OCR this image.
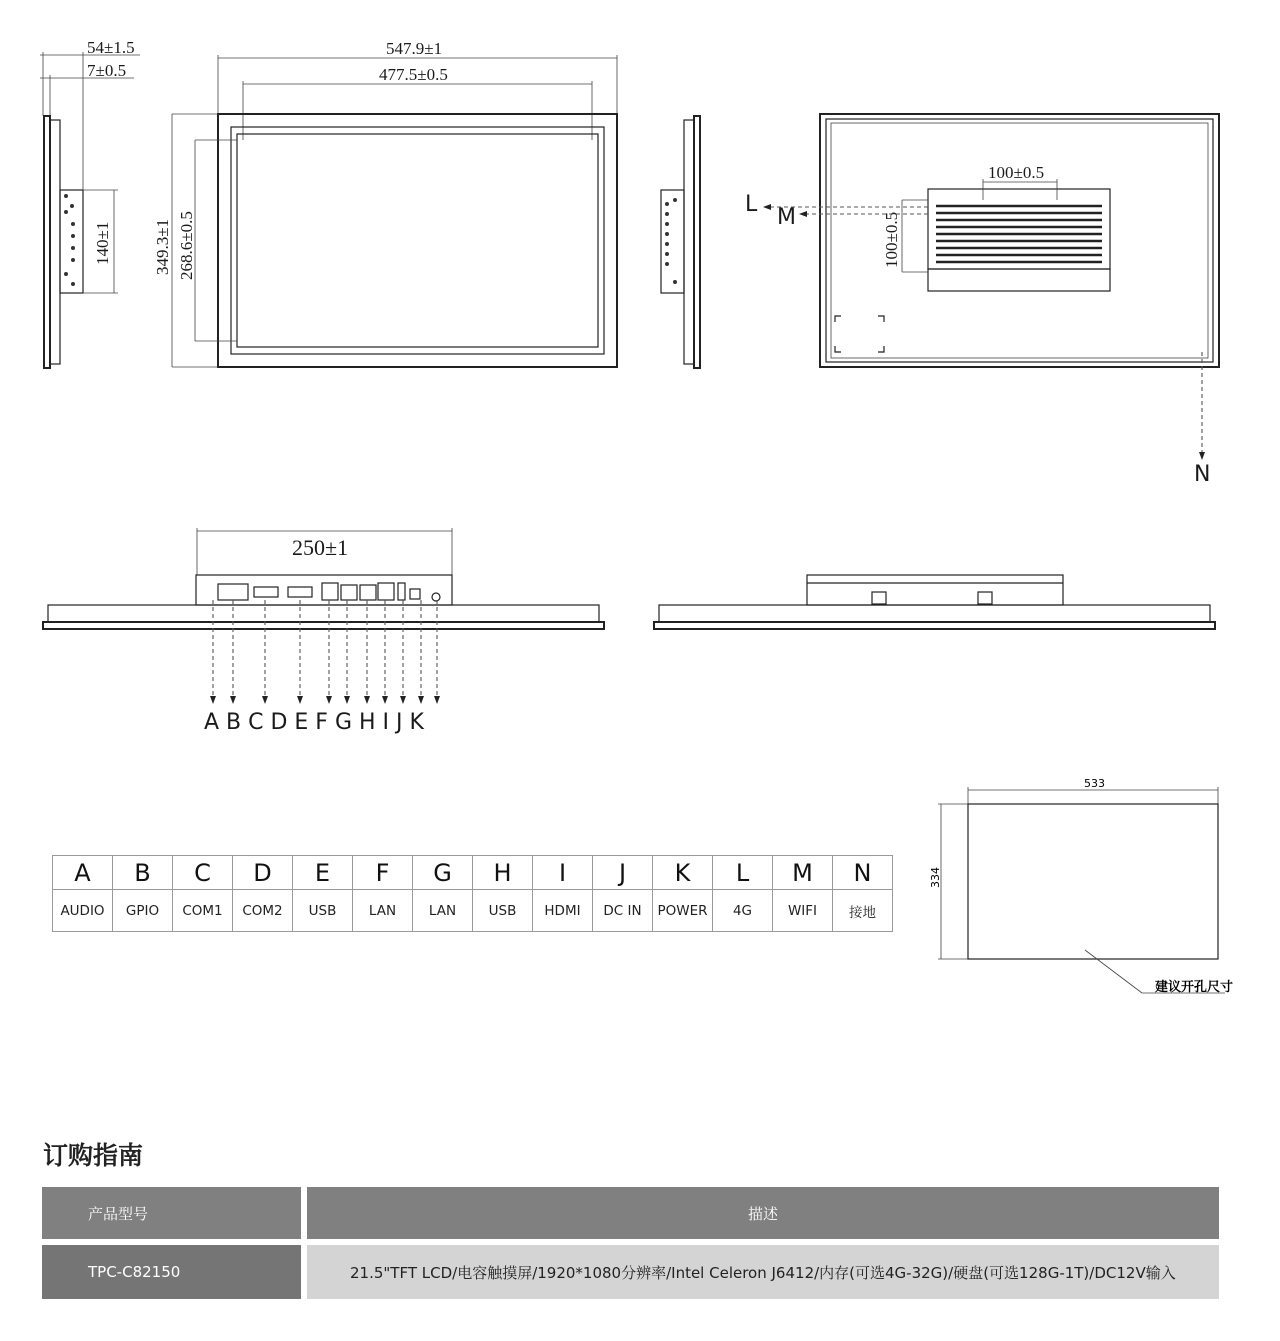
54±1.5
7±0.5
140±1
547.9±1
477.5±0.5
349.3±1 268.6±0.5
100±0.5
100±0.5
L
M
N
250±1
A B C D E F G H I J K
533
334
建议开孔尺寸
A	B	C	D	E	F	G	H	I	J	K	L	M	N
AUDIO	GPIO	COM1	COM2	USB	LAN	LAN	USB	HDMI	DC IN	POWER	4G	WIFI	接地
订购指南
产品型号	描述
TPC-C82150	21.5"TFT LCD/电容触摸屏/1920*1080分辨率/Intel Celeron J6412/内存(可选4G-32G)/硬盘(可选128G-1T)/DC12V输入
